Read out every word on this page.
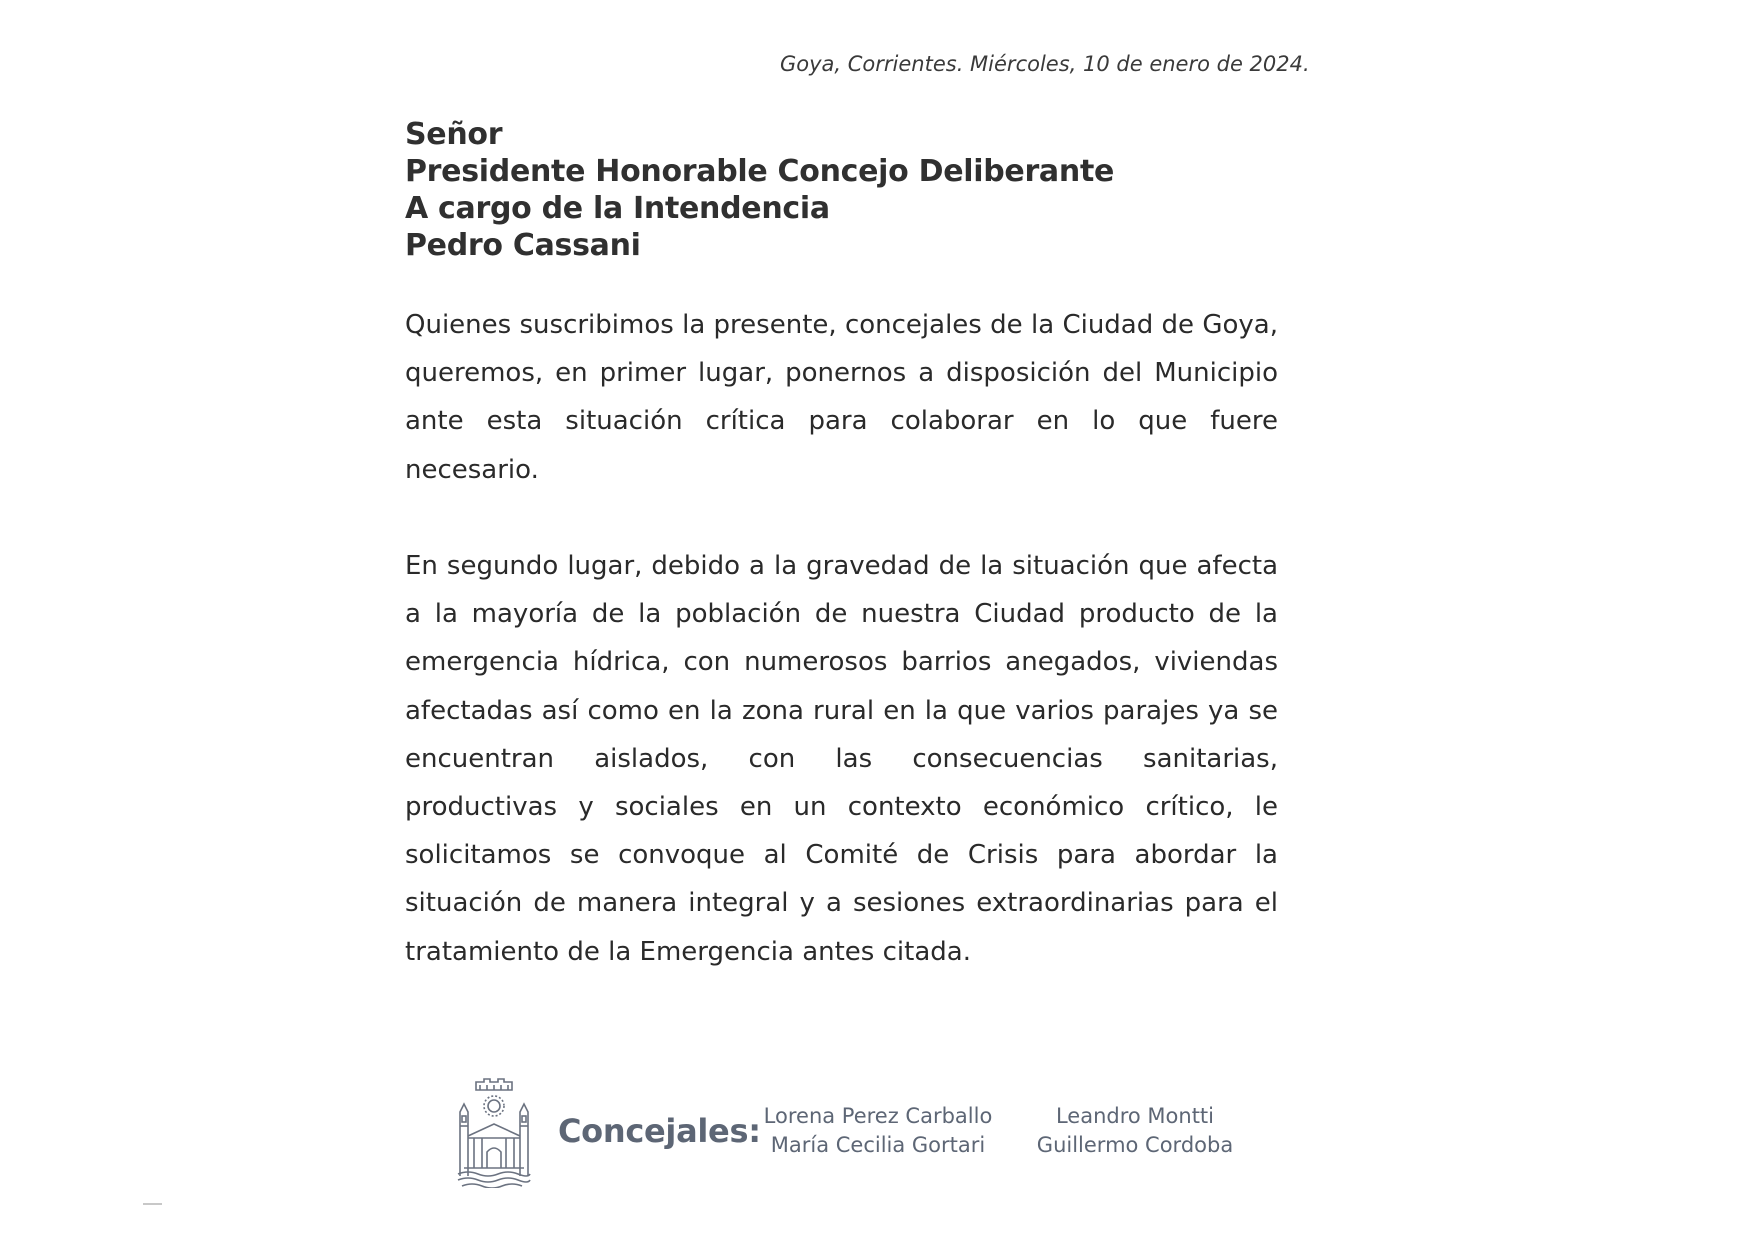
Goya, Corrientes. Miércoles, 10 de enero de 2024.
Señor
Presidente Honorable Concejo Deliberante
A cargo de la Intendencia
Pedro Cassani
Quienes suscribimos la presente, concejales de la Ciudad de Goya, queremos, en primer lugar, ponernos a disposición del Municipio ante esta situación crítica para colaborar en lo que fuere necesario.
En segundo lugar, debido a la gravedad de la situación que afecta a la mayoría de la población de nuestra Ciudad producto de la emergencia hídrica, con numerosos barrios anegados, viviendas afectadas así como en la zona rural en la que varios parajes ya se encuentran aislados, con las consecuencias sanitarias, productivas y sociales en un contexto económico crítico, le solicitamos se convoque al Comité de Crisis para abordar la situación de manera integral y a sesiones extraordinarias para el tratamiento de la Emergencia antes citada.
Concejales: Lorena Perez Carballo
María Cecilia Gortari
Leandro Montti
Guillermo Cordoba
